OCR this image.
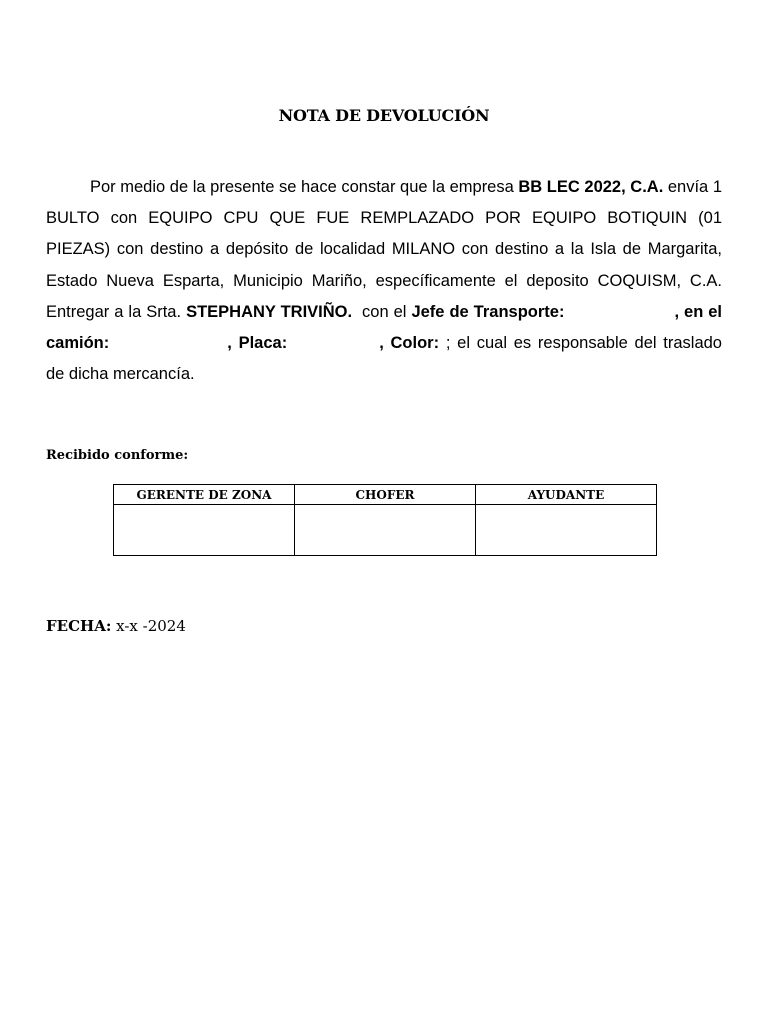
NOTA DE DEVOLUCIÓN

Por medio de la presente se hace constar que la empresa BB LEC 2022, C.A. envía 1 BULTO con EQUIPO CPU QUE FUE REMPLAZADO POR EQUIPO BOTIQUIN (01 PIEZAS) con destino a depósito de localidad MILANO con destino a la Isla de Margarita, Estado Nueva Esparta, Municipio Mariño, específicamente el deposito COQUISM, C.A. Entregar a la Srta. STEPHANY TRIVIÑO. con el Jefe de Transporte:	, en el camión:	, Placa:	, Color: ; el cual es responsable del traslado de dicha mercancía.

Recibido conforme:
GERENTE DE ZONA	CHOFER	AYUDANTE

FECHA: x-x -2024
